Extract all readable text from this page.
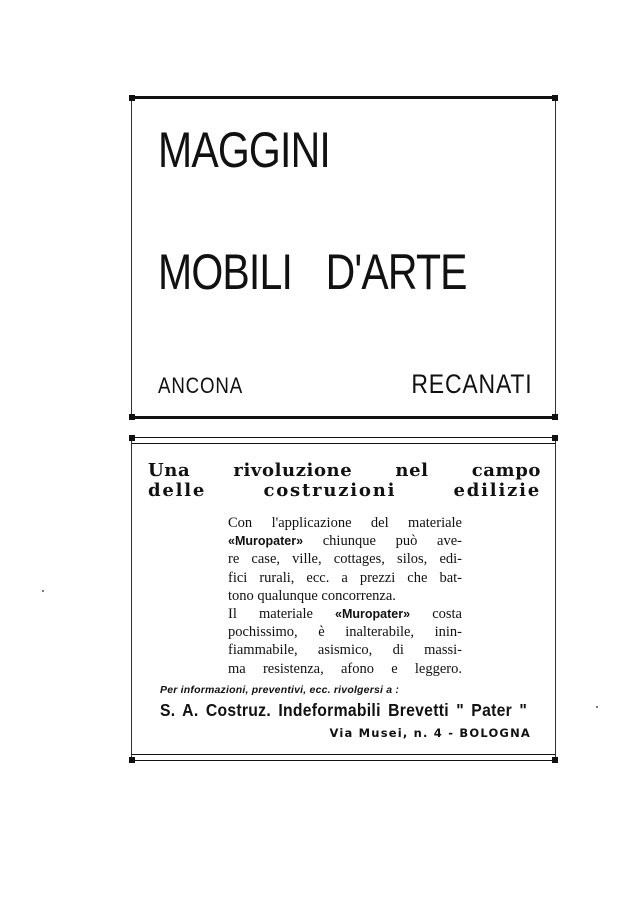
MAGGINI
MOBILI D'ARTE
ANCONA	RECANATI
Una rivoluzione nel campo
delle costruzioni edilizie
Con l'applicazione del materiale
«Muropater» chiunque può ave-
re case, ville, cottages, silos, edi-
fici rurali, ecc. a prezzi che bat-
tono qualunque concorrenza.
Il materiale «Muropater» costa
pochissimo, è inalterabile, inin-
fiammabile, asismico, di massi-
ma resistenza, afono e leggero.
Per informazioni, preventivi, ecc. rivolgersi a :
S. A. Costruz. Indeformabili Brevetti " Pater "
Via Musei, n. 4 - BOLOGNA
